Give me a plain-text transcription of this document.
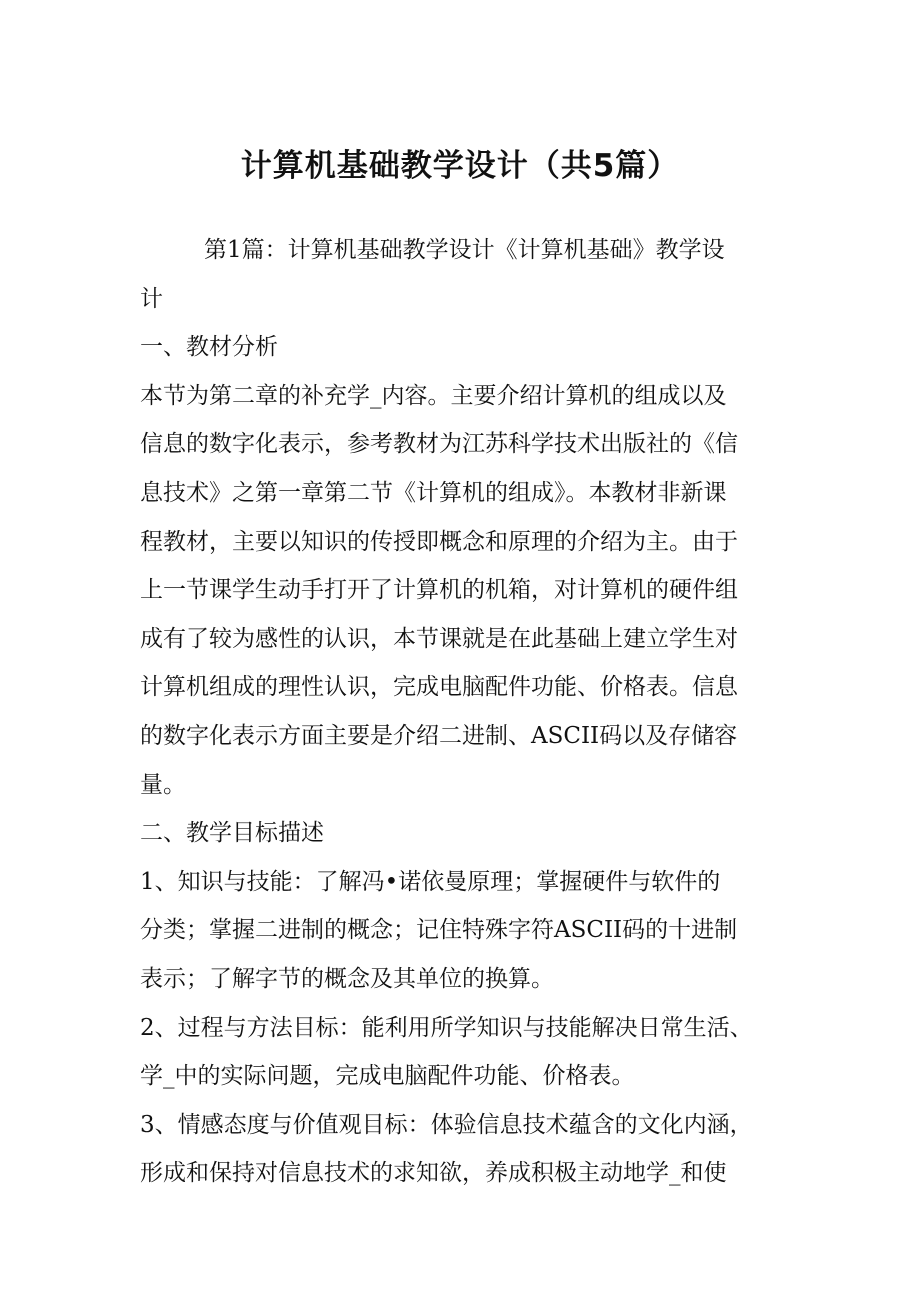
计算机基础教学设计（共5篇）

第1篇：计算机基础教学设计《计算机基础》教学设

计

一、教材分析

本节为第二章的补充学_内容。主要介绍计算机的组成以及

信息的数字化表示，参考教材为江苏科学技术出版社的《信

息技术》之第一章第二节《计算机的组成》。本教材非新课

程教材，主要以知识的传授即概念和原理的介绍为主。由于

上一节课学生动手打开了计算机的机箱，对计算机的硬件组

成有了较为感性的认识，本节课就是在此基础上建立学生对

计算机组成的理性认识，完成电脑配件功能、价格表。信息

的数字化表示方面主要是介绍二进制、ASCII码以及存储容

量。

二、教学目标描述

1、知识与技能：了解冯•诺依曼原理；掌握硬件与软件的

分类；掌握二进制的概念；记住特殊字符ASCII码的十进制

表示；了解字节的概念及其单位的换算。

2、过程与方法目标：能利用所学知识与技能解决日常生活、

学_中的实际问题，完成电脑配件功能、价格表。

3、情感态度与价值观目标：体验信息技术蕴含的文化内涵，

形成和保持对信息技术的求知欲，养成积极主动地学_和使
